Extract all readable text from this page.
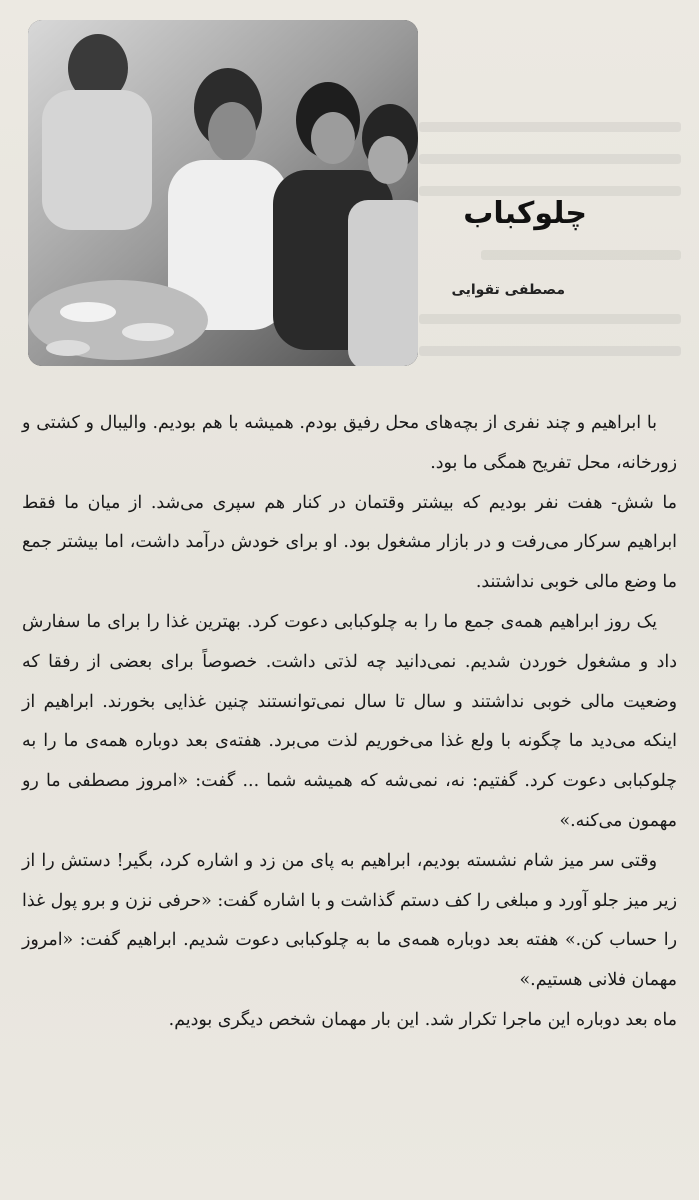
چلوکباب
مصطفی تقوایی

با ابراهیم و چند نفری از بچه‌های محل رفیق بودم. همیشه با هم بودیم. والیبال و کشتی و زورخانه، محل تفریح همگی ما بود.

ما شش- هفت نفر بودیم که بیشتر وقتمان در کنار هم سپری می‌شد. از میان ما فقط ابراهیم سرکار می‌رفت و در بازار مشغول بود. او برای خودش درآمد داشت، اما بیشتر جمع ما وضع مالی خوبی نداشتند.

یک روز ابراهیم همه‌ی جمع ما را به چلوکبابی دعوت کرد. بهترین غذا را برای ما سفارش داد و مشغول خوردن شدیم. نمی‌دانید چه لذتی داشت. خصوصاً برای بعضی از رفقا که وضعیت مالی خوبی نداشتند و سال تا سال نمی‌توانستند چنین غذایی بخورند. ابراهیم از اینکه می‌دید ما چگونه با ولع غذا می‌خوریم لذت می‌برد. هفته‌ی بعد دوباره همه‌ی ما را به چلوکبابی دعوت کرد. گفتیم: نه، نمی‌شه که همیشه شما ... گفت: «امروز مصطفی ما رو مهمون می‌کنه.»

وقتی سر میز شام نشسته بودیم، ابراهیم به پای من زد و اشاره کرد، بگیر! دستش را از زیر میز جلو آورد و مبلغی را کف دستم گذاشت و با اشاره گفت: «حرفی نزن و برو پول غذا را حساب کن.» هفته بعد دوباره همه‌ی ما به چلوکبابی دعوت شدیم. ابراهیم گفت: «امروز مهمان فلانی هستیم.»

ماه بعد دوباره این ماجرا تکرار شد. این بار مهمان شخص دیگری بودیم.
